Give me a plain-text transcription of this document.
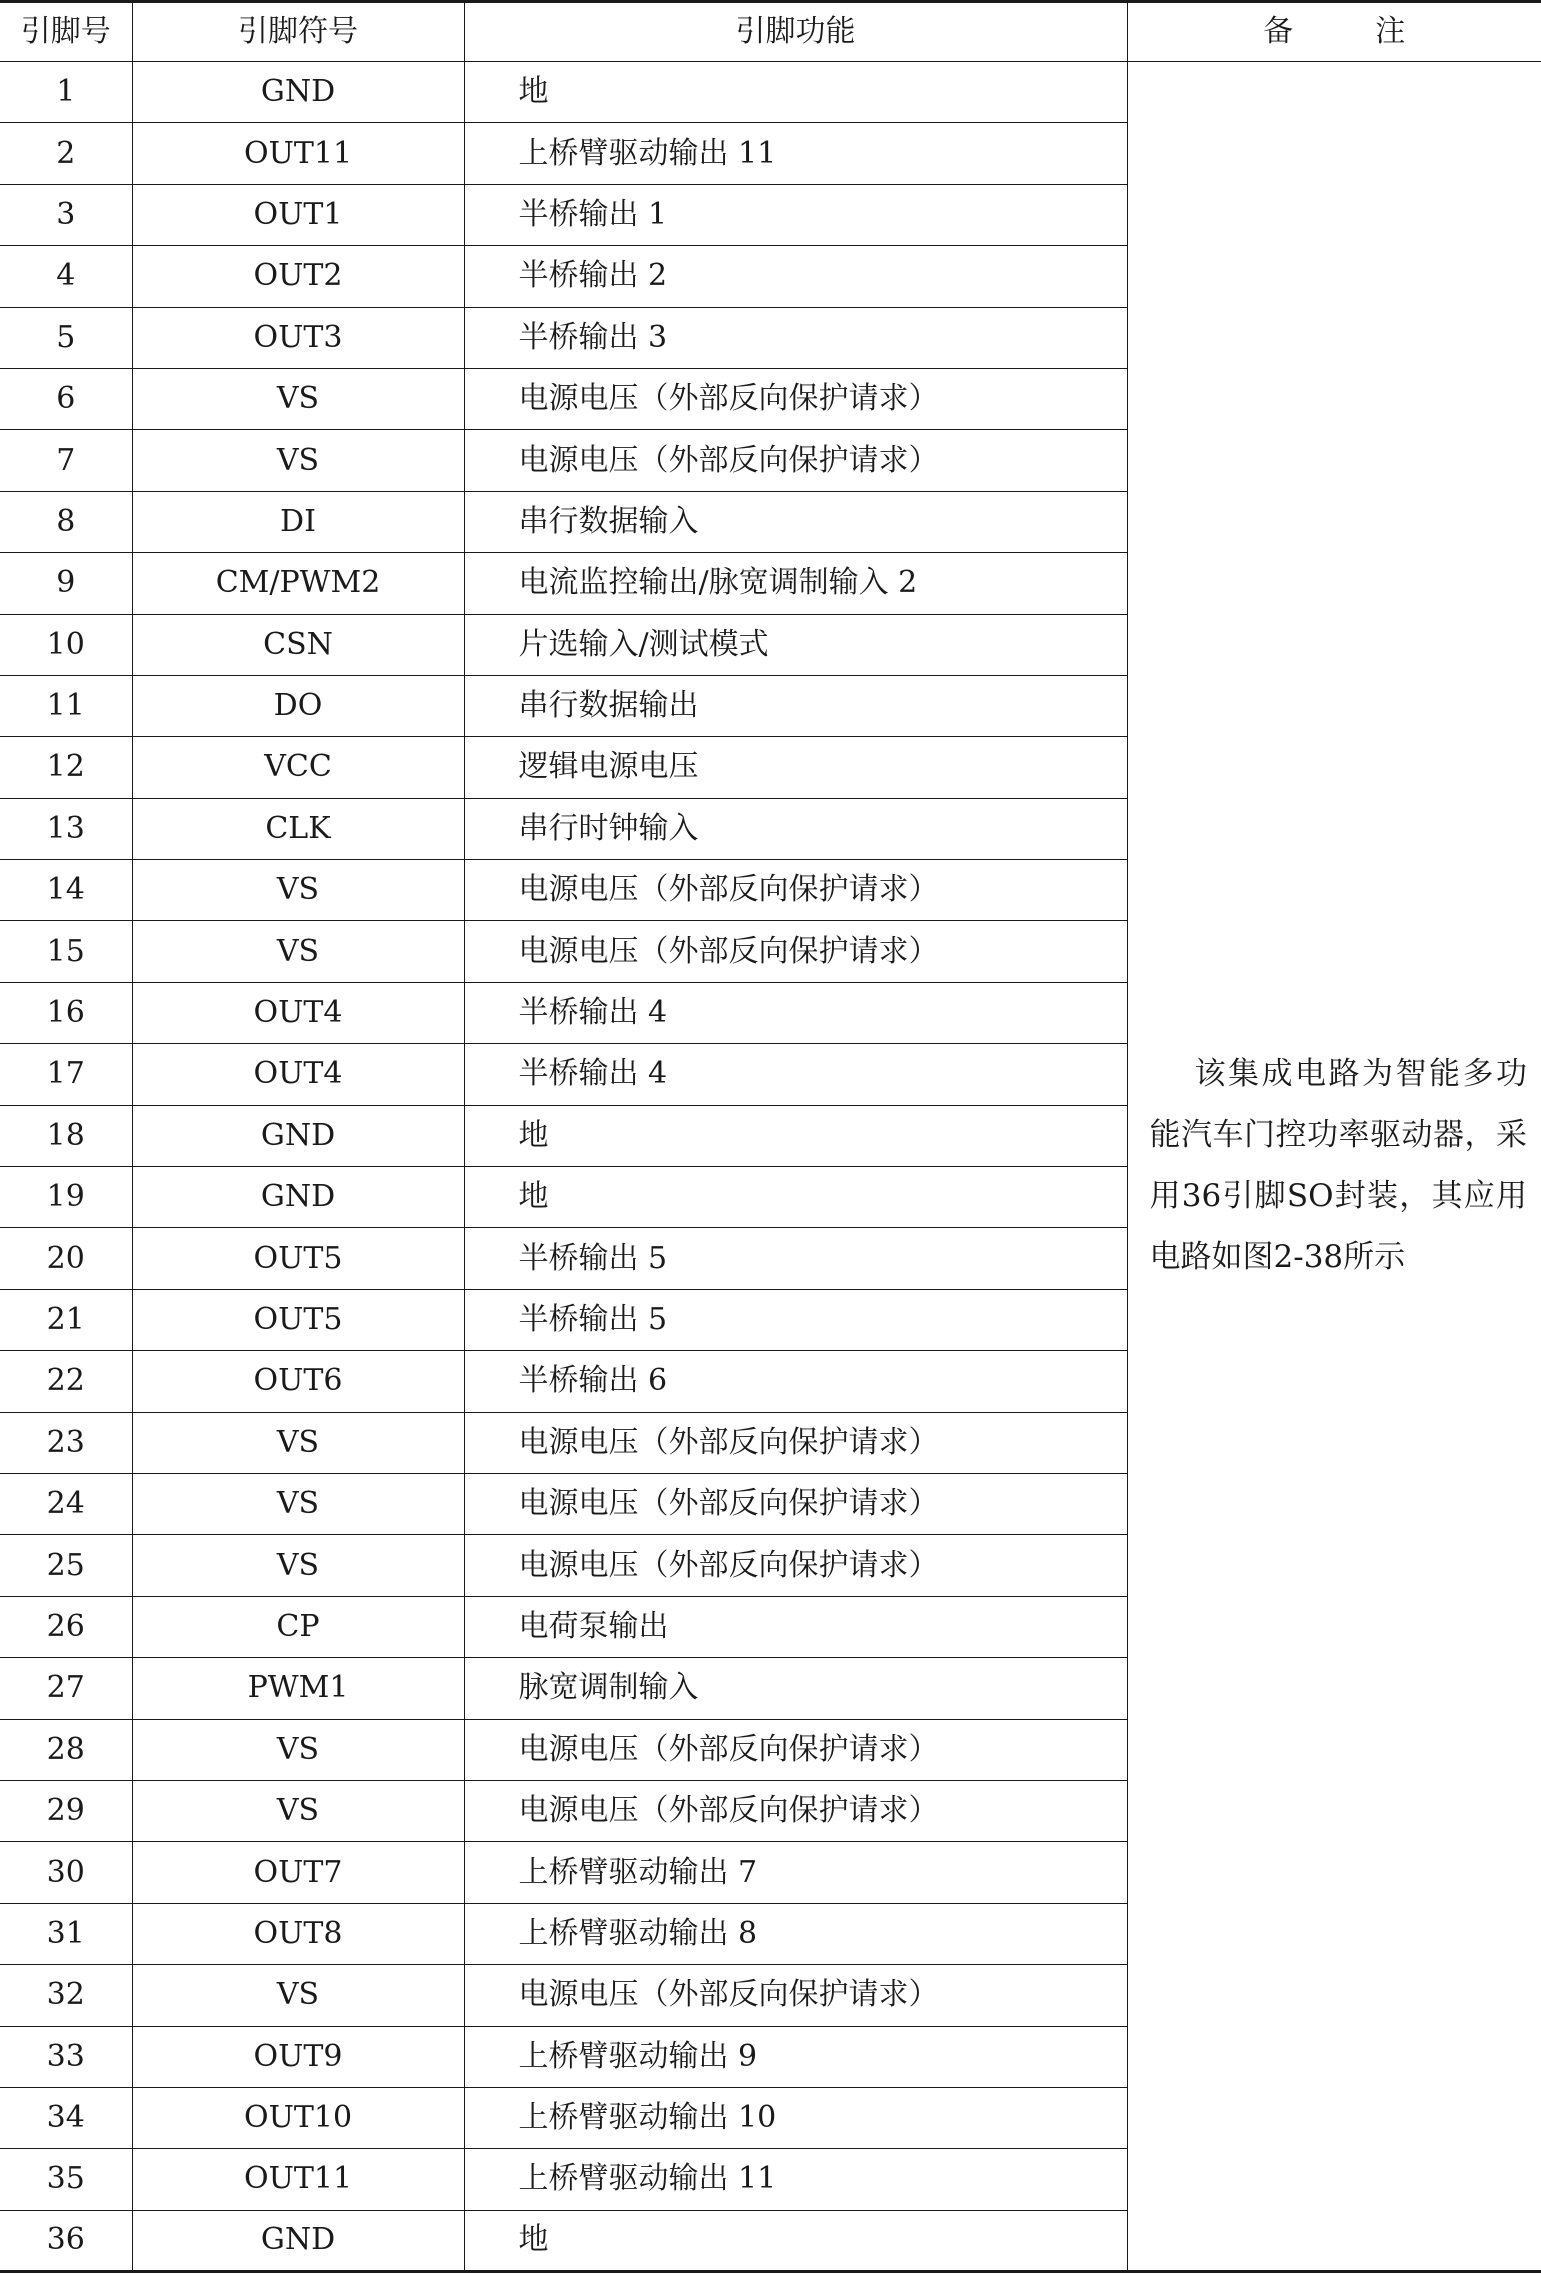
引脚号	引脚符号	引脚功能	备 注
1	GND	地	该集成电路为智能多功能汽车门控功率驱动器，采用36引脚SO封装，其应用电路如图2-38所示

2	OUT11	上桥臂驱动输出 11	
3	OUT1	半桥输出 1	
4	OUT2	半桥输出 2	
5	OUT3	半桥输出 3	
6	VS	电源电压（外部反向保护请求）	
7	VS	电源电压（外部反向保护请求）	
8	DI	串行数据输入	
9	CM/PWM2	电流监控输出/脉宽调制输入 2	
10	CSN	片选输入/测试模式	
11	DO	串行数据输出	
12	VCC	逻辑电源电压	
13	CLK	串行时钟输入	
14	VS	电源电压（外部反向保护请求）	
15	VS	电源电压（外部反向保护请求）	
16	OUT4	半桥输出 4	
17	OUT4	半桥输出 4	
18	GND	地	
19	GND	地	
20	OUT5	半桥输出 5	
21	OUT5	半桥输出 5	
22	OUT6	半桥输出 6	
23	VS	电源电压（外部反向保护请求）	
24	VS	电源电压（外部反向保护请求）	
25	VS	电源电压（外部反向保护请求）	
26	CP	电荷泵输出	
27	PWM1	脉宽调制输入	
28	VS	电源电压（外部反向保护请求）	
29	VS	电源电压（外部反向保护请求）	
30	OUT7	上桥臂驱动输出 7	
31	OUT8	上桥臂驱动输出 8	
32	VS	电源电压（外部反向保护请求）	
33	OUT9	上桥臂驱动输出 9	
34	OUT10	上桥臂驱动输出 10	
35	OUT11	上桥臂驱动输出 11	
36	GND	地	
